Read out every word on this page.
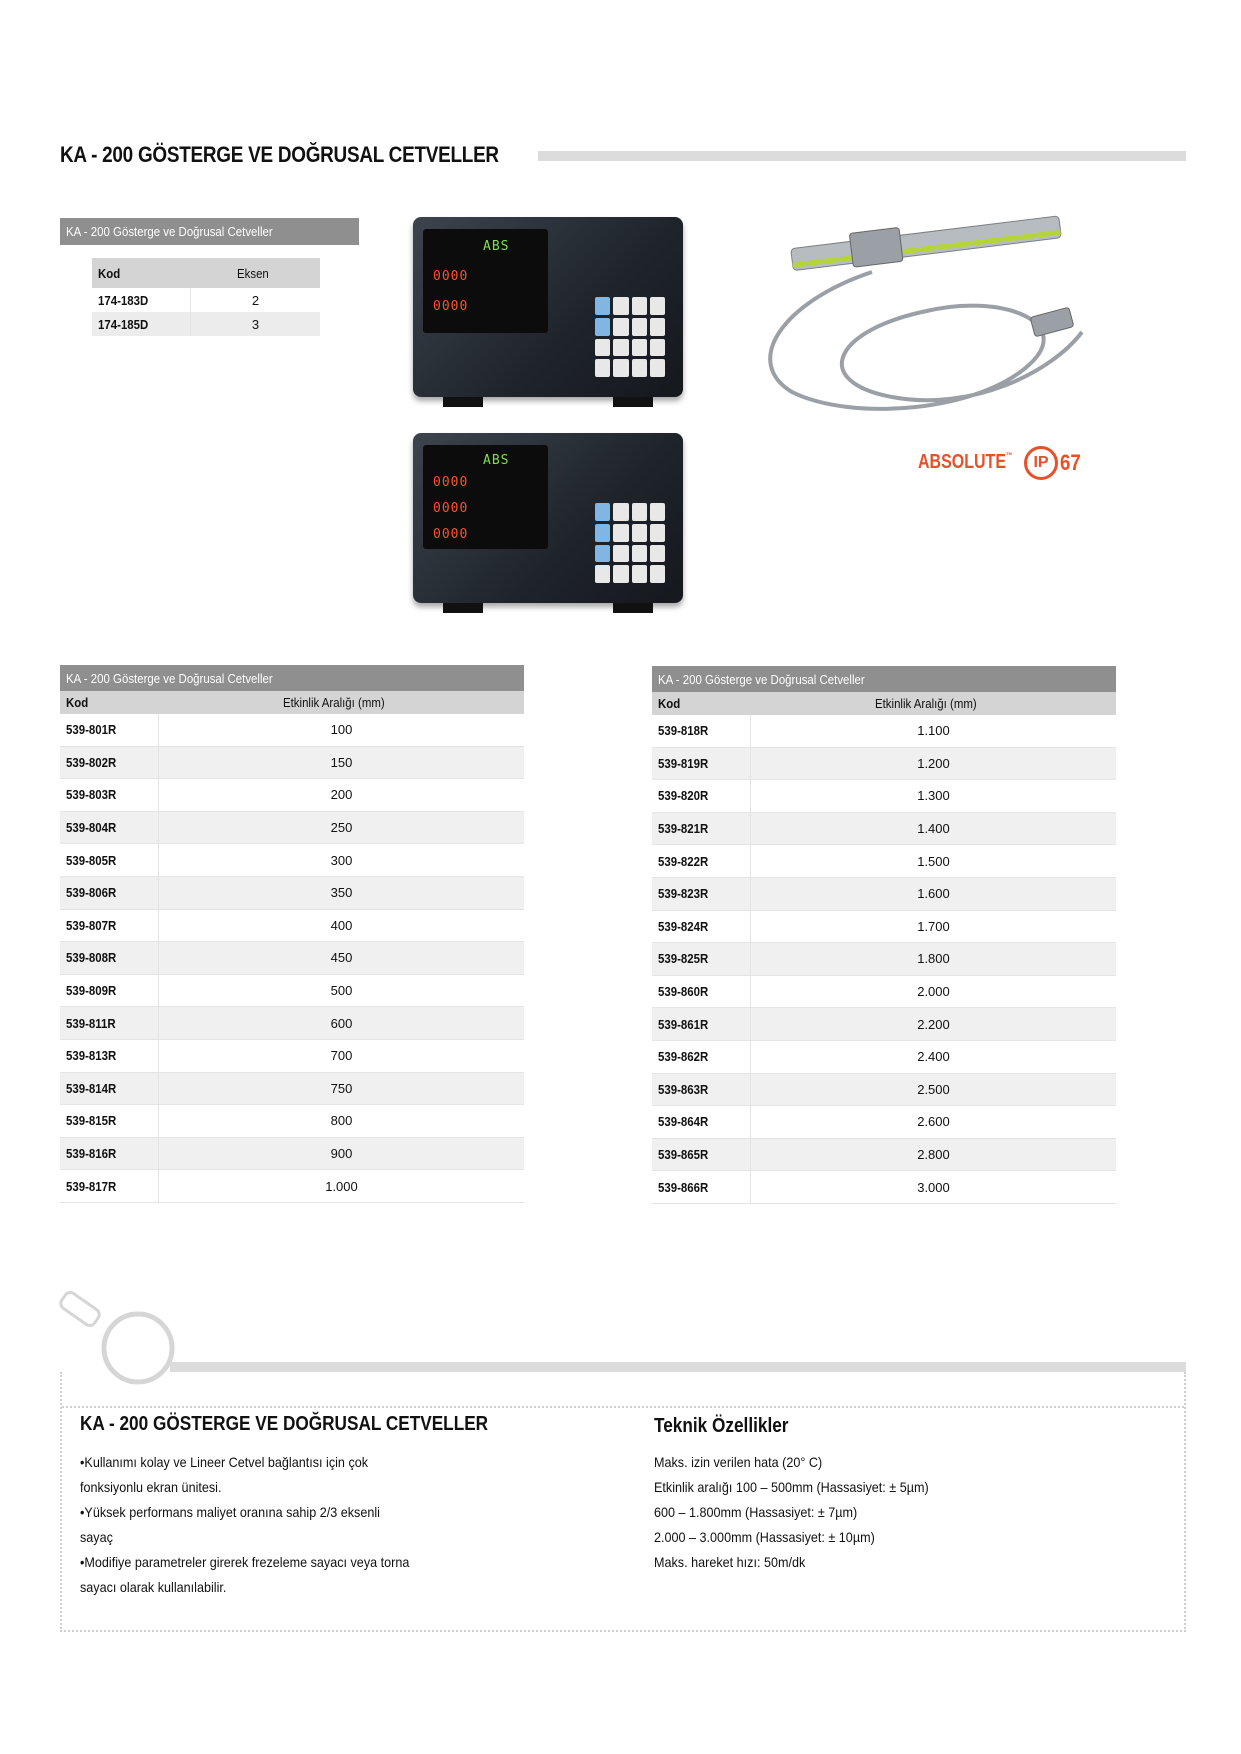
KA - 200 GÖSTERGE VE DOĞRUSAL CETVELLER
KA - 200 Gösterge ve Doğrusal Cetveller
Kod	Eksen
174-183D	2
174-185D	3
ABS
0000
0000
ABS
0000
0000
0000
ABSOLUTE™	IP 67
KA - 200 Gösterge ve Doğrusal Cetveller	
Kod	Etkinlik Aralığı (mm)
539-801R	100
539-802R	150
539-803R	200
539-804R	250
539-805R	300
539-806R	350
539-807R	400
539-808R	450
539-809R	500
539-811R	600
539-813R	700
539-814R	750
539-815R	800
539-816R	900
539-817R	1.000
KA - 200 Gösterge ve Doğrusal Cetveller	
Kod	Etkinlik Aralığı (mm)
539-818R	1.100
539-819R	1.200
539-820R	1.300
539-821R	1.400
539-822R	1.500
539-823R	1.600
539-824R	1.700
539-825R	1.800
539-860R	2.000
539-861R	2.200
539-862R	2.400
539-863R	2.500
539-864R	2.600
539-865R	2.800
539-866R	3.000
KA - 200 GÖSTERGE VE DOĞRUSAL CETVELLER	Teknik Özellikler
•Kullanımı kolay ve Lineer Cetvel bağlantısı için çok
fonksiyonlu ekran ünitesi.
•Yüksek performans maliyet oranına sahip 2/3 eksenli
sayaç
•Modifiye parametreler girerek frezeleme sayacı veya torna
sayacı olarak kullanılabilir.
Maks. izin verilen hata (20° C)
Etkinlik aralığı 100 – 500mm (Hassasiyet: ± 5µm)
600 – 1.800mm (Hassasiyet: ± 7µm)
2.000 – 3.000mm (Hassasiyet: ± 10µm)
Maks. hareket hızı: 50m/dk
